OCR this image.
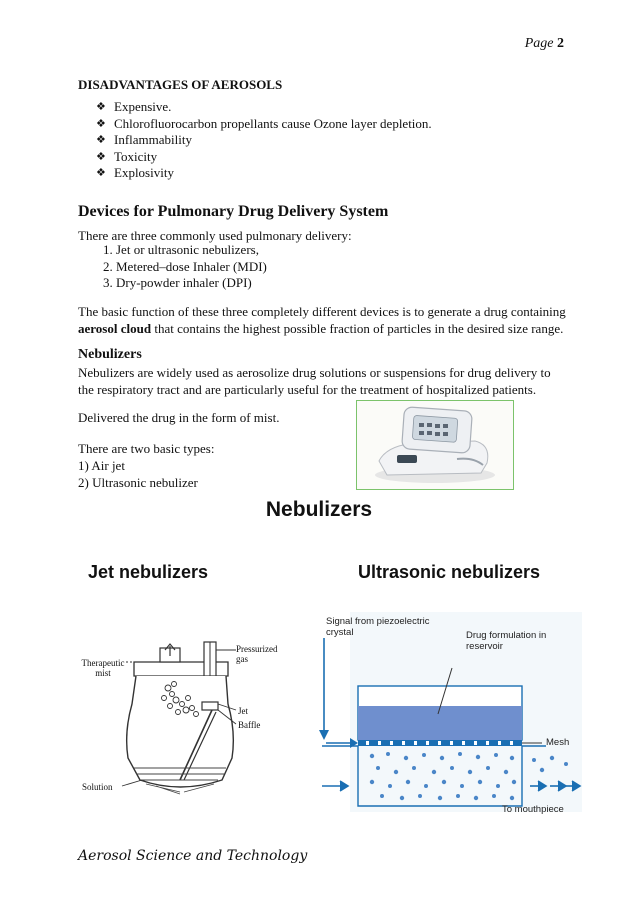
Page 2
DISADVANTAGES OF AEROSOLS
❖ Expensive.
❖ Chlorofluorocarbon propellants cause Ozone layer depletion.
❖ Inflammability
❖ Toxicity
❖ Explosivity
Devices for Pulmonary Drug Delivery System
There are three commonly used pulmonary delivery:
1. Jet or ultrasonic nebulizers,
2. Metered–dose Inhaler (MDI)
3. Dry-powder inhaler (DPI)
The basic function of these three completely different devices is to generate a drug containing aerosol cloud that contains the highest possible fraction of particles in the desired size range.
Nebulizers
Nebulizers are widely used as aerosolize drug solutions or suspensions for drug delivery to the respiratory tract and are particularly useful for the treatment of hospitalized patients.
Delivered the drug in the form of mist.
There are two basic types:
1) Air jet
2) Ultrasonic nebulizer
Nebulizers
Jet nebulizers	Ultrasonic nebulizers
Therapeutic mist
Pressurized gas
Jet
Baffle
Solution
Signal from piezoelectric crystal	Drug formulation in reservoir
Mesh
To mouthpiece
Aerosol Science and Technology
